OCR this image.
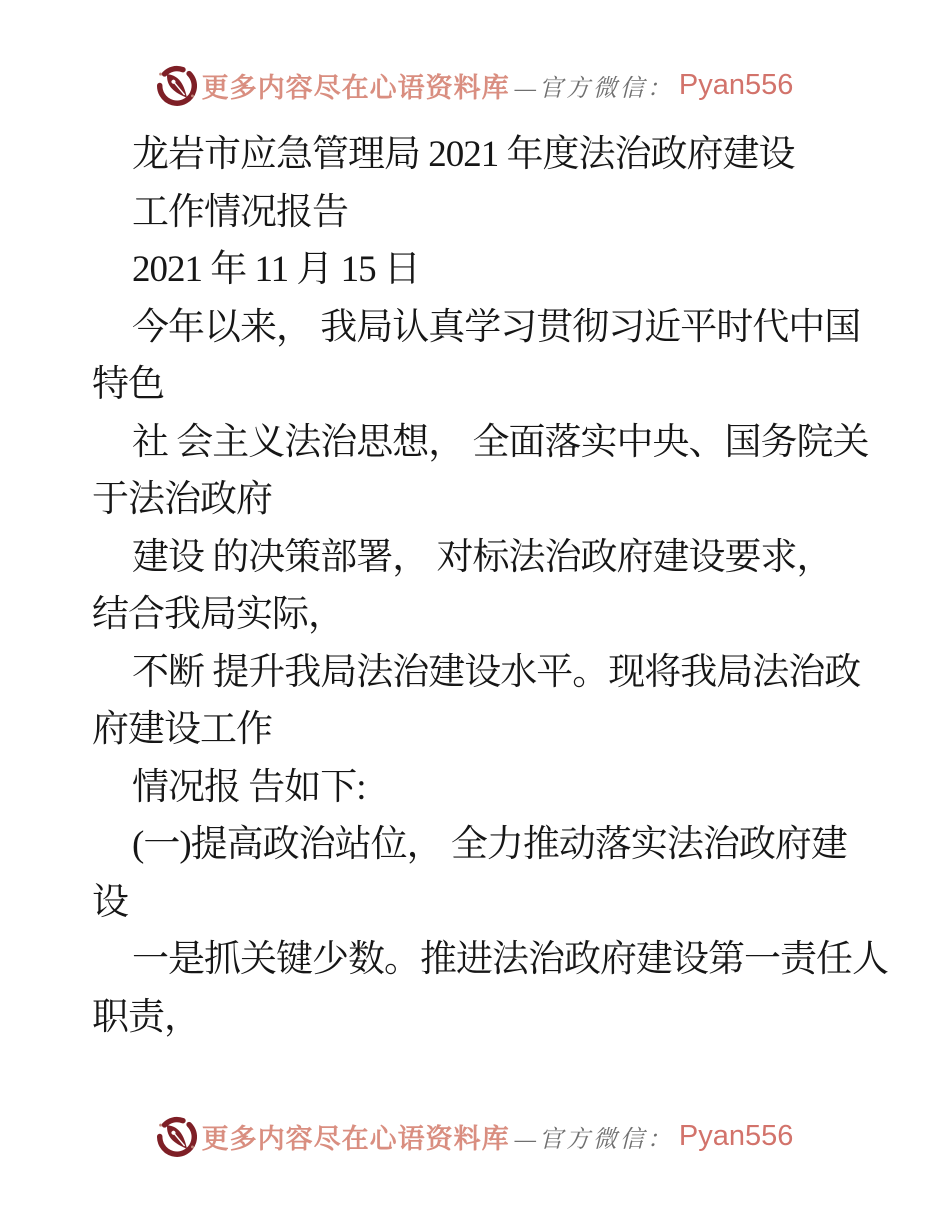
更多内容尽在心语资料库 —官方微信： Pyan556
龙岩市应急管理局 2021 年度法治政府建设
工作情况报告
2021 年 11 月 15 日
今年以来， 我局认真学习贯彻习近平时代中国
特色
社 会主义法治思想， 全面落实中央、国务院关
于法治政府
建设 的决策部署， 对标法治政府建设要求，
结合我局实际，
不断 提升我局法治建设水平。现将我局法治政
府建设工作
情况报 告如下:
(一)提高政治站位， 全力推动落实法治政府建
设
一是抓关键少数。推进法治政府建设第一责任人
职责，
更多内容尽在心语资料库 —官方微信： Pyan556
